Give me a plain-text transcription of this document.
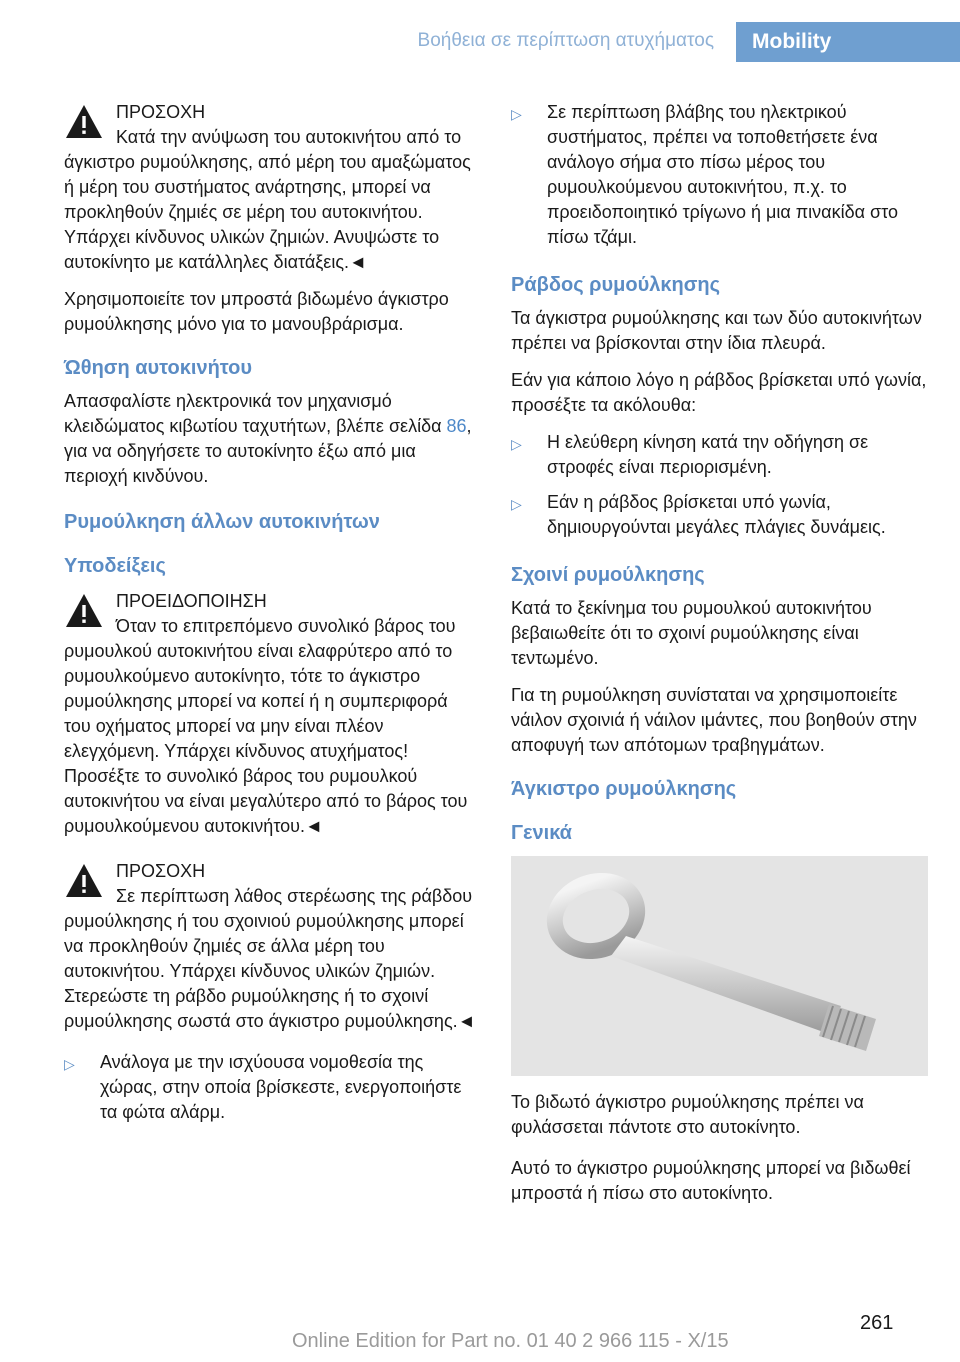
Βοήθεια σε περίπτωση ατυχήματος	Mobility
ΠΡΟΣΟΧΗ
Κατά την ανύψωση του αυτοκινήτου από το άγκιστρο ρυμούλκησης, από μέρη του αμαξώματος ή μέρη του συστήματος ανάρτησης, μπορεί να προκληθούν ζημιές σε μέρη του αυτοκινήτου. Υπάρχει κίνδυνος υλικών ζημιών. Ανυψώστε το αυτοκίνητο με κατάλληλες διατάξεις.◄

Χρησιμοποιείτε τον μπροστά βιδωμένο άγκιστρο ρυμούλκησης μόνο για το μανουβράρισμα.

Ώθηση αυτοκινήτου

Απασφαλίστε ηλεκτρονικά τον μηχανισμό κλειδώματος κιβωτίου ταχυτήτων, βλέπε σελίδα 86, για να οδηγήσετε το αυτοκίνητο έξω από μια περιοχή κινδύνου.

Ρυμούλκηση άλλων αυτοκινήτων
Υποδείξεις
ΠΡΟΕΙΔΟΠΟΙΗΣΗ
Όταν το επιτρεπόμενο συνολικό βάρος του ρυμουλκού αυτοκινήτου είναι ελαφρύτερο από το ρυμουλκούμενο αυτοκίνητο, τότε το άγκιστρο ρυμούλκησης μπορεί να κοπεί ή η συμπεριφορά του οχήματος μπορεί να μην είναι πλέον ελεγχόμενη. Υπάρχει κίνδυνος ατυχήματος! Προσέξτε το συνολικό βάρος του ρυμουλκού αυτοκινήτου να είναι μεγαλύτερο από το βάρος του ρυμουλκούμενου αυτοκινήτου.◄
ΠΡΟΣΟΧΗ
Σε περίπτωση λάθος στερέωσης της ράβδου ρυμούλκησης ή του σχοινιού ρυμούλκησης μπορεί να προκληθούν ζημιές σε άλλα μέρη του αυτοκινήτου. Υπάρχει κίνδυνος υλικών ζημιών. Στερεώστε τη ράβδο ρυμούλκησης ή το σχοινί ρυμούλκησης σωστά στο άγκιστρο ρυμούλκησης.◄
▷	Ανάλογα με την ισχύουσα νομοθεσία της χώρας, στην οποία βρίσκεστε, ενεργοποιήστε τα φώτα αλάρμ.
▷	Σε περίπτωση βλάβης του ηλεκτρικού συστήματος, πρέπει να τοποθετήσετε ένα ανάλογο σήμα στο πίσω μέρος του ρυμουλκούμενου αυτοκινήτου, π.χ. το προειδοποιητικό τρίγωνο ή μια πινακίδα στο πίσω τζάμι.
Ράβδος ρυμούλκησης

Τα άγκιστρα ρυμούλκησης και των δύο αυτοκινήτων πρέπει να βρίσκονται στην ίδια πλευρά.

Εάν για κάποιο λόγο η ράβδος βρίσκεται υπό γωνία, προσέξτε τα ακόλουθα:

▷	Η ελεύθερη κίνηση κατά την οδήγηση σε στροφές είναι περιορισμένη.
▷	Εάν η ράβδος βρίσκεται υπό γωνία, δημιουργούνται μεγάλες πλάγιες δυνάμεις.
Σχοινί ρυμούλκησης

Κατά το ξεκίνημα του ρυμουλκού αυτοκινήτου βεβαιωθείτε ότι το σχοινί ρυμούλκησης είναι τεντωμένο.

Για τη ρυμούλκηση συνίσταται να χρησιμοποιείτε νάιλον σχοινιά ή νάιλον ιμάντες, που βοηθούν στην αποφυγή των απότομων τραβηγμάτων.

Άγκιστρο ρυμούλκησης
Γενικά

Το βιδωτό άγκιστρο ρυμούλκησης πρέπει να φυλάσσεται πάντοτε στο αυτοκίνητο.

Αυτό το άγκιστρο ρυμούλκησης μπορεί να βιδωθεί μπροστά ή πίσω στο αυτοκίνητο.

Online Edition for Part no. 01 40 2 966 115 - X/15
261
